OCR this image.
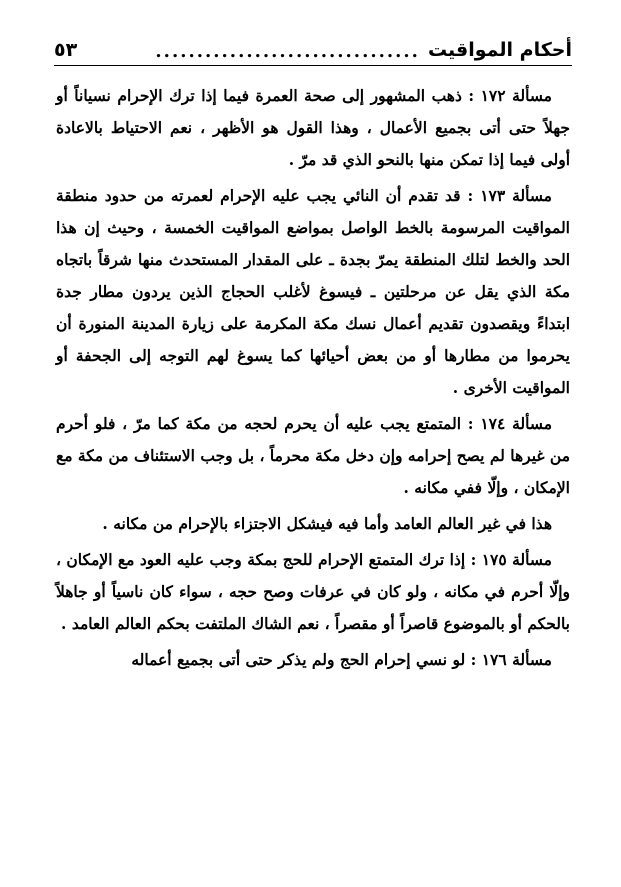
أحكام المواقيت
................................
٥٣

مسألة ١٧٢ : ذهب المشهور إلى صحة العمرة فيما إذا ترك الإحرام نسياناً أو جهلاً حتى أتى بجميع الأعمال ، وهذا القول هو الأظهر ، نعم الاحتياط بالاعادة أولى فيما إذا تمكن منها بالنحو الذي قد مرّ .

مسألة ١٧٣ : قد تقدم أن النائي يجب عليه الإحرام لعمرته من حدود منطقة المواقيت المرسومة بالخط الواصل بمواضع المواقيت الخمسة ، وحيث إن هذا الحد والخط لتلك المنطقة يمرّ بجدة ـ على المقدار المستحدث منها شرقاً باتجاه مكة الذي يقل عن مرحلتين ـ فيسوغ لأغلب الحجاج الذين يردون مطار جدة ابتداءً ويقصدون تقديم أعمال نسك مكة المكرمة على زيارة المدينة المنورة أن يحرموا من مطارها أو من بعض أحيائها كما يسوغ لهم التوجه إلى الجحفة أو المواقيت الأخرى .

مسألة ١٧٤ : المتمتع يجب عليه أن يحرم لحجه من مكة كما مرّ ، فلو أحرم من غيرها لم يصح إحرامه وإن دخل مكة محرماً ، بل وجب الاستئناف من مكة مع الإمكان ، وإلّا ففي مكانه .

هذا في غير العالم العامد وأما فيه فيشكل الاجتزاء بالإحرام من مكانه .

مسألة ١٧٥ : إذا ترك المتمتع الإحرام للحج بمكة وجب عليه العود مع الإمكان ، وإلّا أحرم في مكانه ، ولو كان في عرفات وصح حجه ، سواء كان ناسياً أو جاهلاً بالحكم أو بالموضوع قاصراً أو مقصراً ، نعم الشاك الملتفت بحكم العالم العامد .

مسألة ١٧٦ : لو نسي إحرام الحج ولم يذكر حتى أتى بجميع أعماله
